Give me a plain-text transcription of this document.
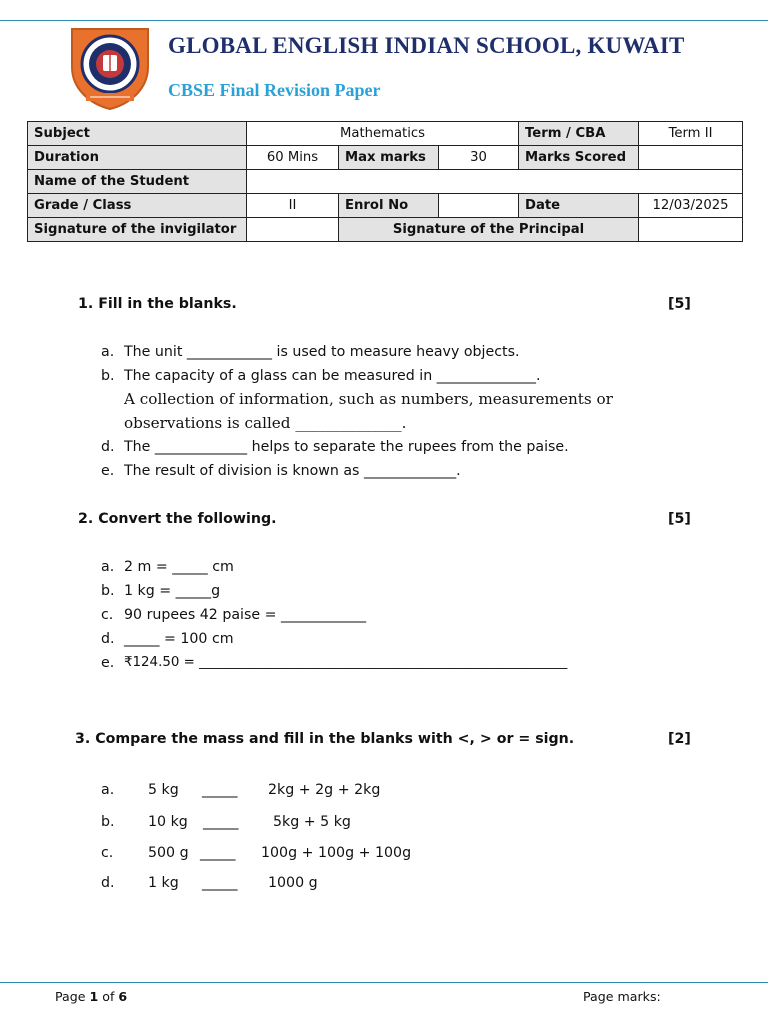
GLOBAL ENGLISH INDIAN SCHOOL, KUWAIT
CBSE Final Revision Paper
Subject	Mathematics			Term / CBA	Term II
Duration	60 Mins	Max marks	30	Marks Scored	
Name of the Student					
Grade / Class	II	Enrol No		Date	12/03/2025
Signature of the invigilator		Signature of the Principal			
1. Fill in the blanks.	[5]
a. The unit ____________ is used to measure heavy objects.
b. The capacity of a glass can be measured in ______________.
A collection of information, such as numbers, measurements or
observations is called ______________.
d. The _____________ helps to separate the rupees from the paise.
e. The result of division is known as _____________.
2. Convert the following.	[5]
a. 2 m = _____ cm
b. 1 kg = _____g
c. 90 rupees 42 paise = ____________
d. _____ = 100 cm
e. ₹124.50 = _______________________________________________________
3. Compare the mass and fill in the blanks with <, > or = sign.	[2]
a. 5 kg _____ 2kg + 2g + 2kg
b. 10 kg _____ 5kg + 5 kg
c. 500 g _____ 100g + 100g + 100g
d. 1 kg _____ 1000 g
Page 1 of 6	Page marks:
